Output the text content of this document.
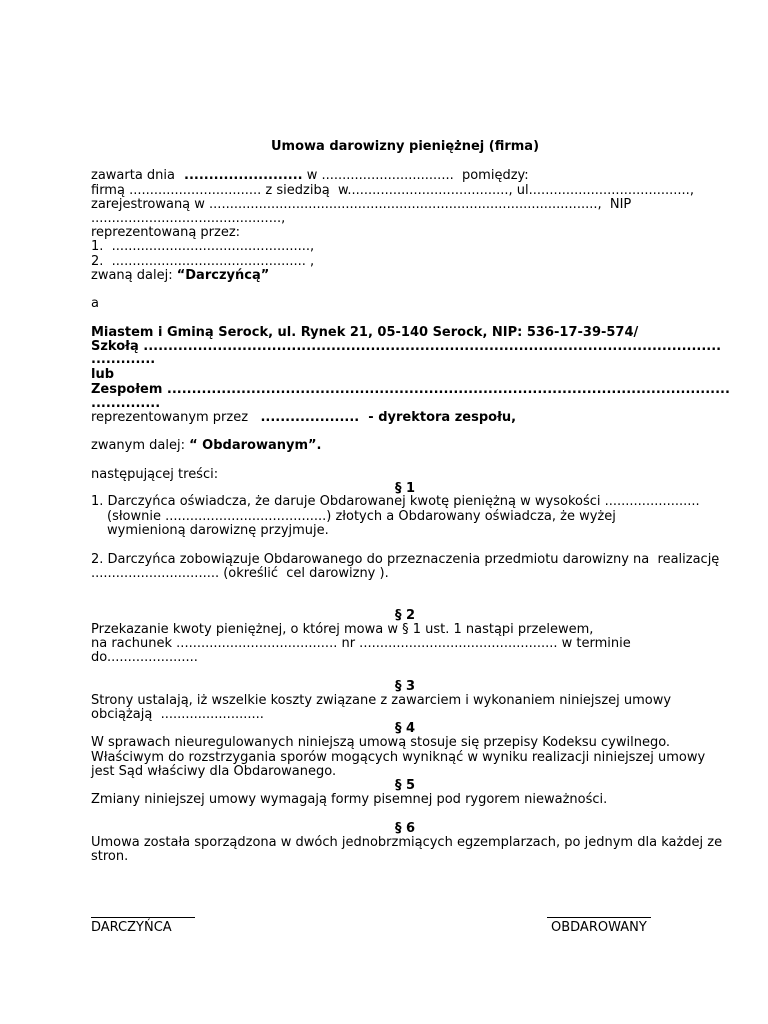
Umowa darowizny pieniężnej (firma)
zawarta dnia  ........................ w ................................  pomiędzy:
firmą ................................ z siedzibą  w......................................., ul.......................................,
zarejestrowaną w ..............................................................................................,  NIP
..............................................,
reprezentowaną przez:
1.  ................................................,
2.  ............................................... ,
zwaną dalej: “Darczyńcą”
a
Miastem i Gminą Serock, ul. Rynek 21, 05-140 Serock, NIP: 536-17-39-574/
Szkołą .....................................................................................................................
.............
lub
Zespołem ..................................................................................................................
..............
reprezentowanym przez   ....................  - dyrektora zespołu,
zwanym dalej: “ Obdarowanym”.
następującej treści:
§ 1
1. Darczyńca oświadcza, że daruje Obdarowanej kwotę pieniężną w wysokości .......................
(słownie .......................................) złotych a Obdarowany oświadcza, że wyżej
wymienioną darowiznę przyjmuje.
2. Darczyńca zobowiązuje Obdarowanego do przeznaczenia przedmiotu darowizny na  realizację
............................... (określić  cel darowizny ).
§ 2
Przekazanie kwoty pieniężnej, o której mowa w § 1 ust. 1 nastąpi przelewem,
na rachunek ....................................... nr ................................................ w terminie
do......................
§ 3
Strony ustalają, iż wszelkie koszty związane z zawarciem i wykonaniem niniejszej umowy
obciążają  .........................
§ 4
W sprawach nieuregulowanych niniejszą umową stosuje się przepisy Kodeksu cywilnego.
Właściwym do rozstrzygania sporów mogących wyniknąć w wyniku realizacji niniejszej umowy
jest Sąd właściwy dla Obdarowanego.
§ 5
Zmiany niniejszej umowy wymagają formy pisemnej pod rygorem nieważności.
§ 6
Umowa została sporządzona w dwóch jednobrzmiących egzemplarzach, po jednym dla każdej ze
stron.
DARCZYŃCA	OBDAROWANY
